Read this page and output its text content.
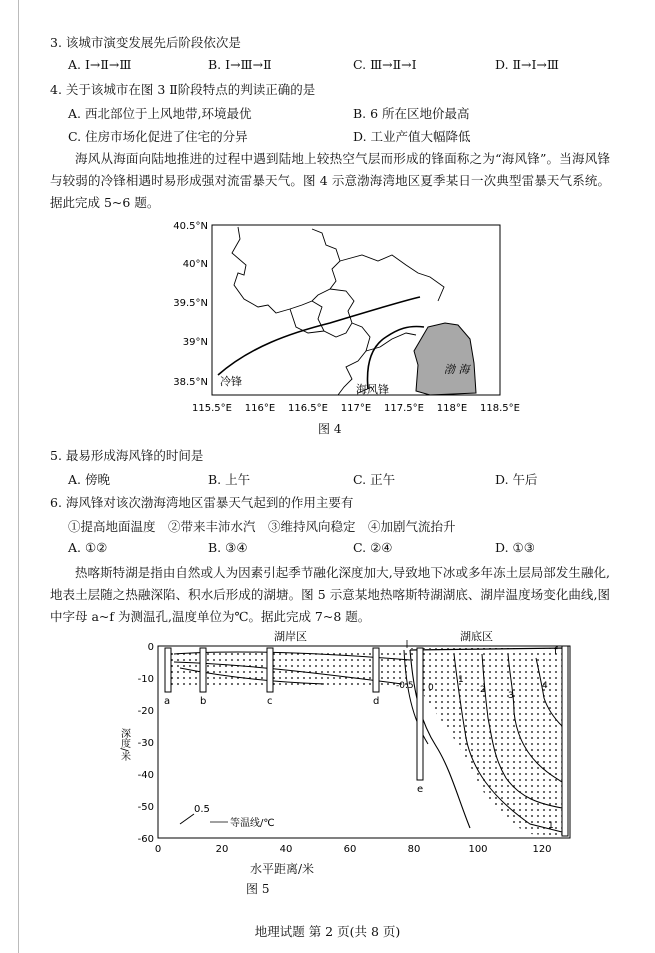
3. 该城市演变发展先后阶段依次是
A. Ⅰ→Ⅱ→Ⅲ	B. Ⅰ→Ⅲ→Ⅱ	C. Ⅲ→Ⅱ→Ⅰ	D. Ⅱ→Ⅰ→Ⅲ
4. 关于该城市在图 3 Ⅱ阶段特点的判读正确的是
A. 西北部位于上风地带,环境最优	B. 6 所在区地价最高
C. 住房市场化促进了住宅的分异	D. 工业产值大幅降低
海风从海面向陆地推进的过程中遇到陆地上较热空气层而形成的锋面称之为“海风锋”。当海风锋与较弱的冷锋相遇时易形成强对流雷暴天气。图 4 示意渤海湾地区夏季某日一次典型雷暴天气系统。据此完成 5~6 题。
冷锋
海风锋
渤 海
40.5°N
40°N
39.5°N
39°N
38.5°N
115.5°E 116°E 116.5°E 117°E 117.5°E 118°E 118.5°E
图 4
5. 最易形成海风锋的时间是
A. 傍晚	B. 上午	C. 正午	D. 午后
6. 海风锋对该次渤海湾地区雷暴天气起到的作用主要有
①提高地面温度　②带来丰沛水汽　③维持风向稳定　④加剧气流抬升
A. ①②	B. ③④	C. ②④	D. ①③
热喀斯特湖是指由自然或人为因素引起季节融化深度加大,导致地下冰或多年冻土层局部发生融化,地表土层随之热融深陷、积水后形成的湖塘。图 5 示意某地热喀斯特湖湖底、湖岸温度场变化曲线,图中字母 a~f 为测温孔,温度单位为℃。据此完成 7~8 题。
湖岸区	湖底区
a	b	c	d
e
f
-0.5 0
1
2
3
4
1
0
-10
-20
-30
-40
-50
-60
深度/米
0.5
等温线/℃
0	20	40	60	80	100	120
水平距离/米
图 5
地理试题 第 2 页(共 8 页)
